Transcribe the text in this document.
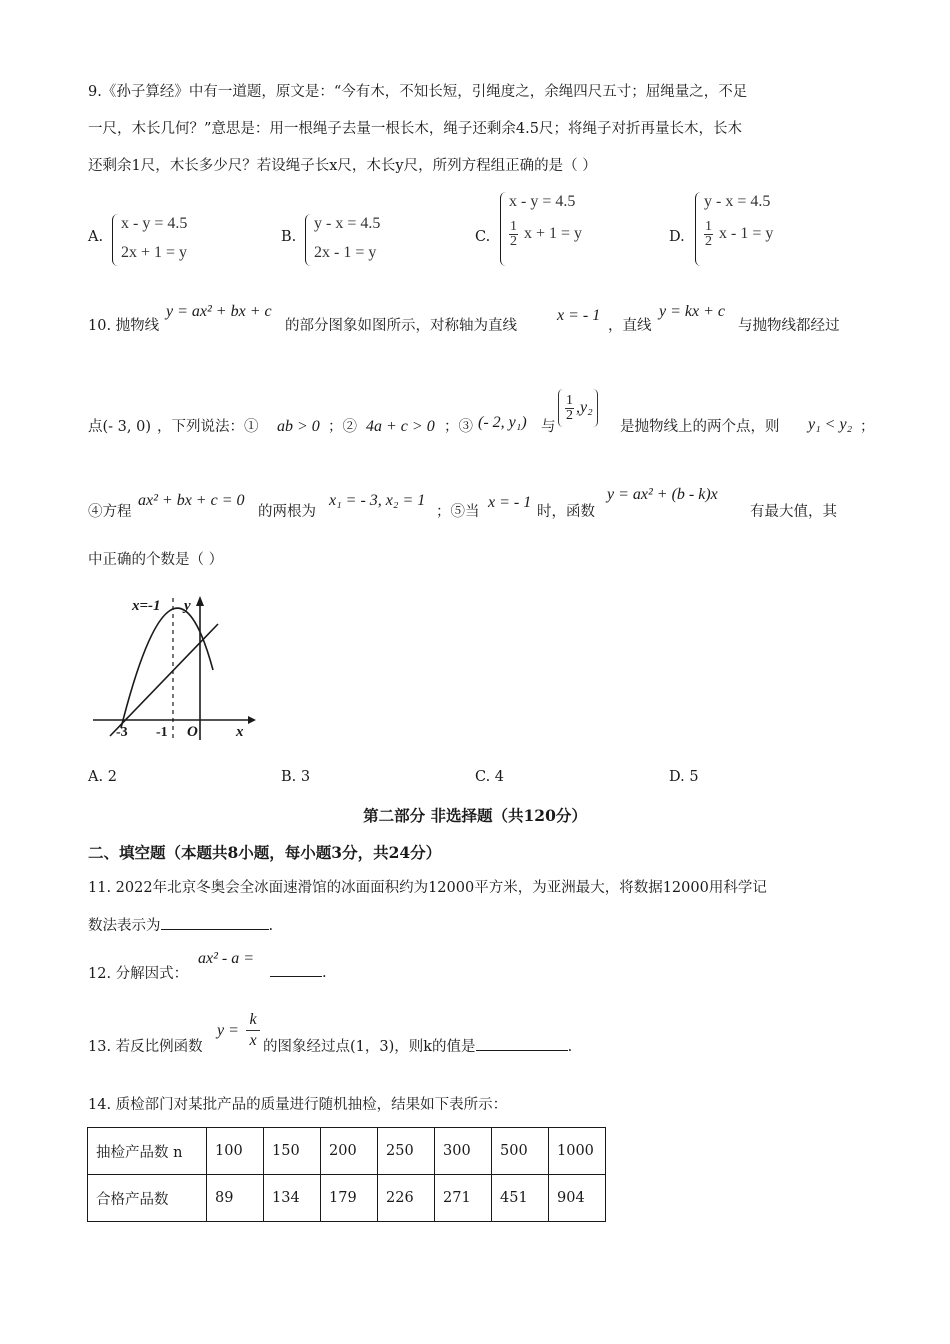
9.《孙子算经》中有一道题，原文是：“今有木，不知长短，引绳度之，余绳四尺五寸；屈绳量之，不足
一尺，木长几何？”意思是：用一根绳子去量一根长木，绳子还剩余4.5尺；将绳子对折再量长木，长木
还剩余1尺，木长多少尺？若设绳子长x尺，木长y尺，所列方程组正确的是（ ）
A.
x - y = 4.5
2x + 1 = y
B.
y - x = 4.5
2x - 1 = y
C.
x - y = 4.5
$\frac{1}{2}$ x + 1 = y	D.
y - x = 4.5
$\frac{1}{2}$ x - 1 = y
10. 抛物线
y = ax² + bx + c
的部分图象如图所示，对称轴为直线
x = - 1
，直线
y = kx + c
与抛物线都经过
点(- 3, 0) ，下列说法：① ab > 0 ；② 4a + c > 0 ；③ (- 2, y₁) 与
$\frac{1}{2} ,y_2$
是抛物线上的两个点，则 y₁ < y₂ ；
④方程
ax² + bx + c = 0
的两根为
x₁ = - 3, x₂ = 1
；⑤当
x = - 1
时，函数
y = ax² + (b - k)x
有最大值，其
中正确的个数是（ ）
x=-1 y
x
-3 -1 O
A. 2	B. 3	C. 4	D. 5
第二部分 非选择题（共120分）
二、填空题（本题共8小题，每小题3分，共24分）
11. 2022年北京冬奥会全冰面速滑馆的冰面面积约为12000平方米，为亚洲最大，将数据12000用科学记
数法表示为	.
12. 分解因式：
ax² - a =
.
13. 若反比例函数
$y = \frac{k}{x}$ 的图象经过点(1，3)，则k的值是	.
14. 质检部门对某批产品的质量进行随机抽检，结果如下表所示：
抽检产品数 n	100	150	200	250	300	500	1000
合格产品数	89	134	179	226	271	451	904
